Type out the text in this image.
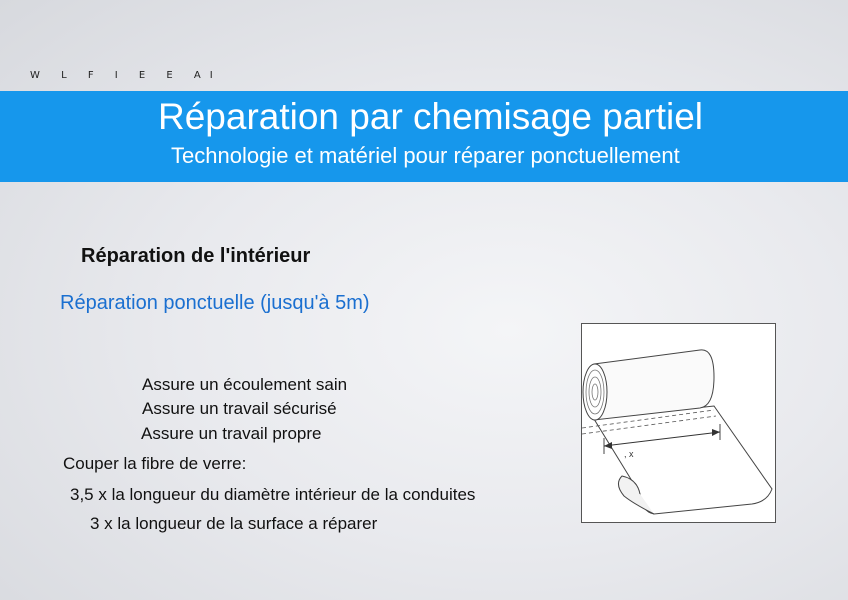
W L F I E E AI
Réparation par chemisage partiel

Technologie et matériel pour réparer ponctuellement

Réparation de l'intérieur
Réparation ponctuelle (jusqu'à 5m)
Assure un écoulement sain
Assure un travail sécurisé
Assure un travail propre
Couper la fibre de verre:
3,5 x la longueur du diamètre intérieur de la conduites
3 x la longueur de la surface a réparer
, x
